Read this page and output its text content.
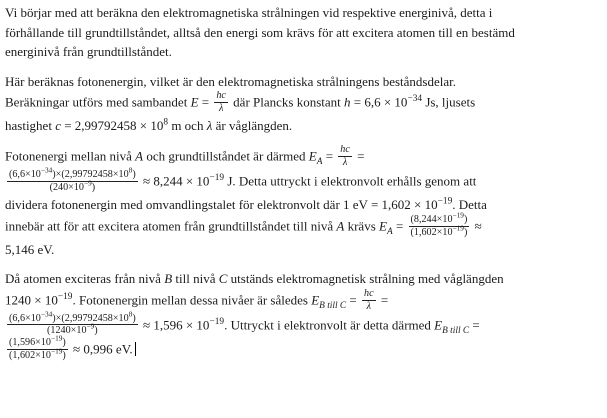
Vi börjar med att beräkna den elektromagnetiska strålningen vid respektive energinivå, detta i
förhållande till grundtillståndet, alltså den energi som krävs för att excitera atomen till en bestämd
energinivå från grundtillståndet.

Här beräknas fotonenergin, vilket är den elektromagnetiska strålningens beståndsdelar.
Beräkningar utförs med sambandet $E = \frac{hc}{\lambda}$ där Plancks konstant $h = 6,6 \times 10^{-34}$ Js, ljusets
hastighet $c = 2,99792458 \times 10^8$ m och λ är våglängden.

Fotonenergi mellan nivå A och grundtillståndet är därmed $E_A = \frac{hc}{\lambda}$ =

$\frac{(6,6\times 10^{-34})\times(2,99792458\times 10^8)}{(240\times 10^{-9})} \approx 8,244 \times 10^{-19}$ J. Detta uttryckt i elektronvolt erhålls genom att
dividera fotonenergin med omvandlingstalet för elektronvolt där 1 eV = $1,602 \times 10^{-19}$. Detta
innebär att för att excitera atomen från grundtillståndet till nivå A krävs $E_A = \frac{(8,244\times 10^{-19})}{(1,602\times 10^{-19})}$ ≈
5,146 eV.

Då atomen exciteras från nivå B till nivå C utständs elektromagnetisk strålning med våglängden
$1240 \times 10^{-19}$. Fotonenergin mellan dessa nivåer är således $E_{B till C} = \frac{hc}{\lambda}$ =

$\frac{(6,6\times 10^{-34})\times(2,99792458\times 10^8)}{(1240\times 10^{-9})} \approx 1,596 \times 10^{-19}$. Uttryckt i elektronvolt är detta därmed $E_{B till C}$ =

$\frac{(1,596\times 10^{-19})}{(1,602\times 10^{-19})} \approx 0,996$ eV.
